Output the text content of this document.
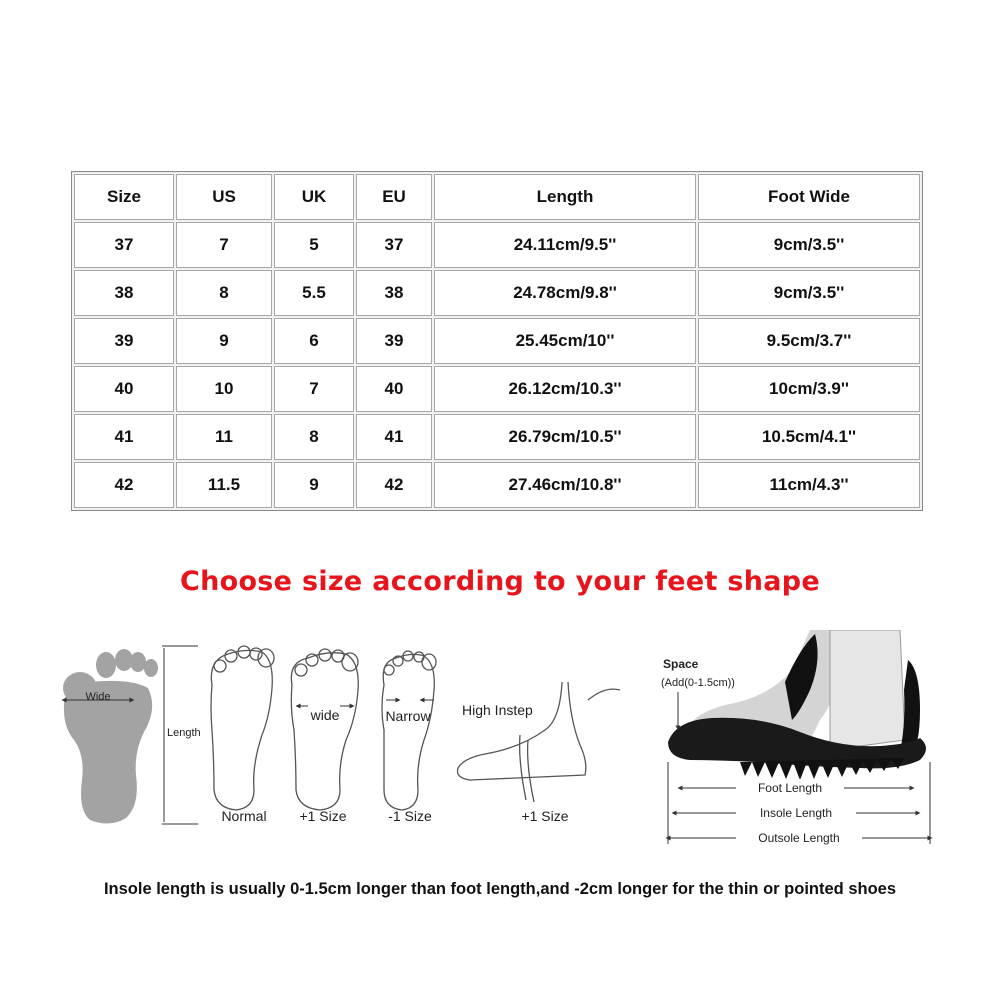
Size	US	UK	EU	Length	Foot Wide
37	7	5	37	24.11cm/9.5''	9cm/3.5''
38	8	5.5	38	24.78cm/9.8''	9cm/3.5''
39	9	6	39	25.45cm/10''	9.5cm/3.7''
40	10	7	40	26.12cm/10.3''	10cm/3.9''
41	11	8	41	26.79cm/10.5''	10.5cm/4.1''
42	11.5	9	42	27.46cm/10.8''	11cm/4.3''
Choose size according to your feet shape
Wide
Length
Normal
wide
+1 Size
Narrow
-1 Size
High Instep
+1 Size
Space
(Add(0-1.5cm))
Foot Length
Insole Length
Outsole Length

Insole length is usually 0-1.5cm longer than foot length,and -2cm longer for the thin or pointed shoes
